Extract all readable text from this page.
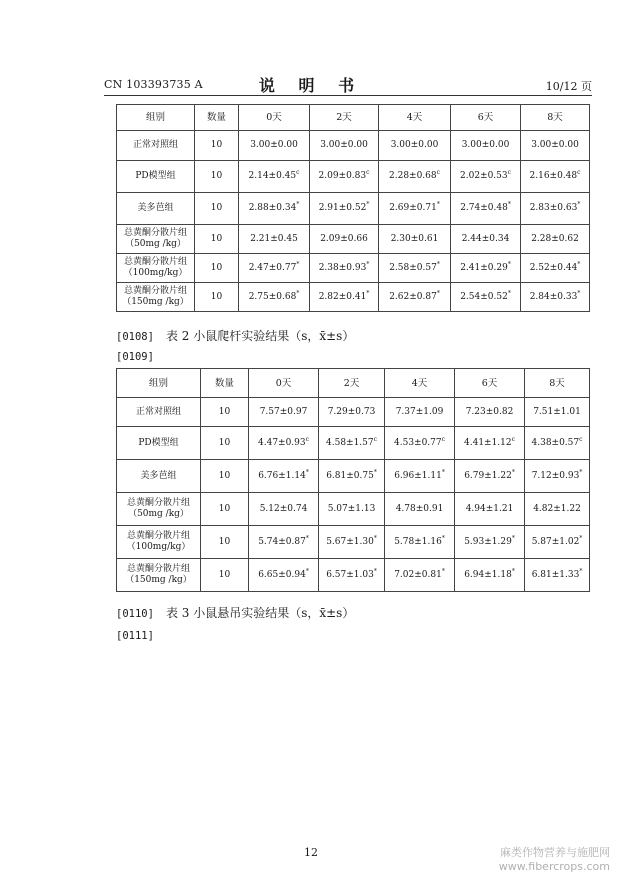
CN 103393735 A	说 明 书	10/12 页
组别	数量	0天	2天	4天	6天	8天
正常对照组	10	3.00±0.00	3.00±0.00	3.00±0.00	3.00±0.00	3.00±0.00
PD模型组	10	2.14±0.45$^c$	2.09±0.83$^c$	2.28±0.68$^c$	2.02±0.53$^c$	2.16±0.48$^c$
美多芭组	10	2.88±0.34*	2.91±0.52*	2.69±0.71*	2.74±0.48*	2.83±0.63*
总黄酮分散片组（50mg /kg）	10	2.21±0.45	2.09±0.66	2.30±0.61	2.44±0.34	2.28±0.62
总黄酮分散片组（100mg/kg）	10	2.47±0.77*	2.38±0.93*	2.58±0.57*	2.41±0.29*	2.52±0.44*
总黄酮分散片组（150mg /kg）	10	2.75±0.68*	2.82±0.41*	2.62±0.87*	2.54±0.52*	2.84±0.33*
[0108] 表 2 小鼠爬杆实验结果（s，x̄±s）
[0109]
组别	数量	0天	2天	4天	6天	8天
正常对照组	10	7.57±0.97	7.29±0.73	7.37±1.09	7.23±0.82	7.51±1.01
PD模型组	10	4.47±0.93$^c$	4.58±1.57$^c$	4.53±0.77$^c$	4.41±1.12$^c$	4.38±0.57$^c$
美多芭组	10	6.76±1.14*	6.81±0.75*	6.96±1.11*	6.79±1.22*	7.12±0.93*
总黄酮分散片组（50mg /kg）	10	5.12±0.74	5.07±1.13	4.78±0.91	4.94±1.21	4.82±1.22
总黄酮分散片组（100mg/kg）	10	5.74±0.87*	5.67±1.30*	5.78±1.16*	5.93±1.29*	5.87±1.02*
总黄酮分散片组（150mg /kg）	10	6.65±0.94*	6.57±1.03*	7.02±0.81*	6.94±1.18*	6.81±1.33*
[0110] 表 3 小鼠悬吊实验结果（s，x̄±s）
[0111]
12	麻类作物营养与施肥网
www.fibercrops.com
